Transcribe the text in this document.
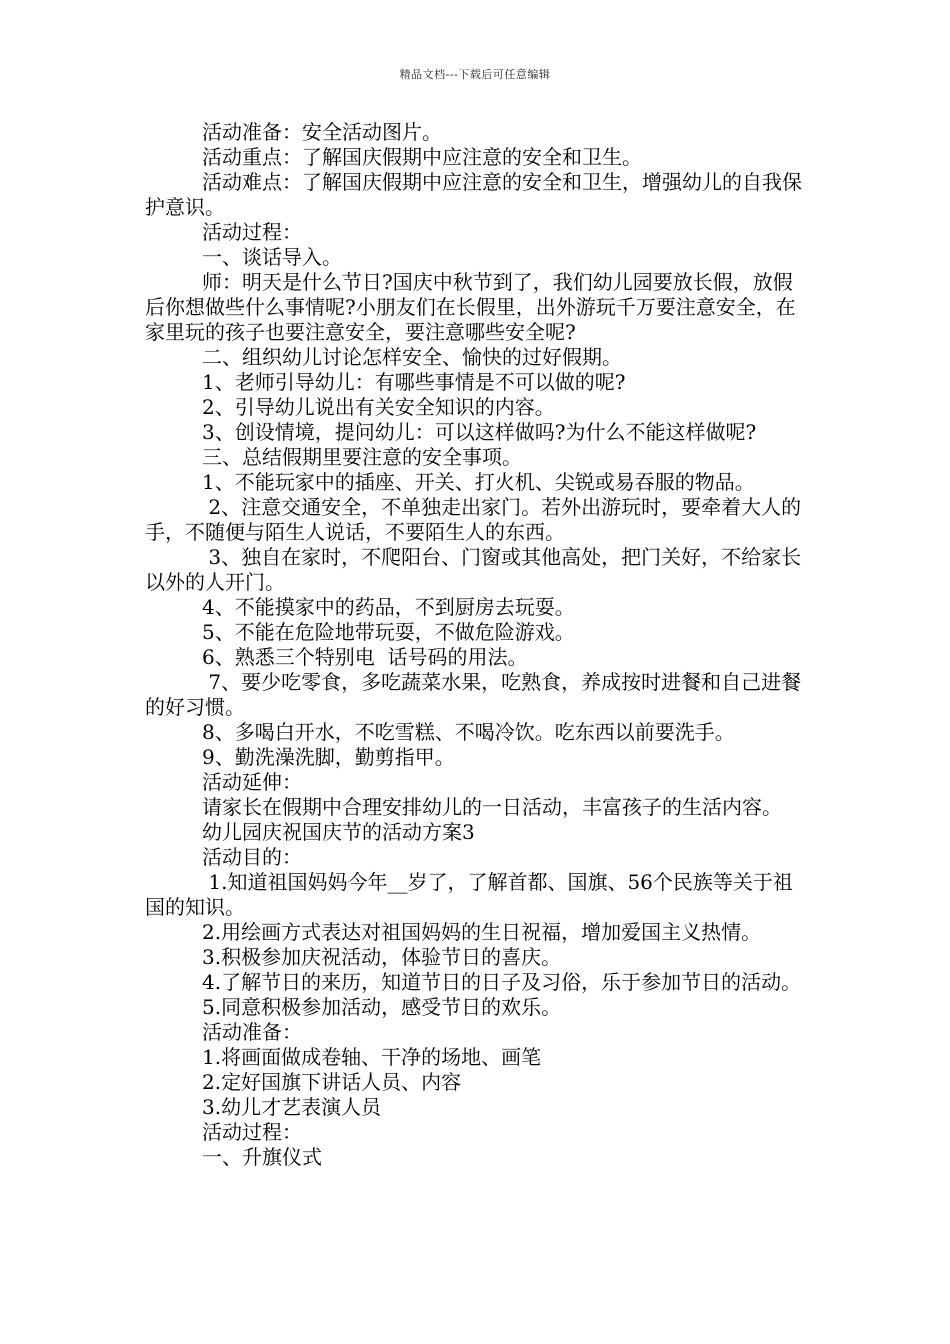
精品文档---下载后可任意编辑

活动准备：安全活动图片。

活动重点：了解国庆假期中应注意的安全和卫生。

活动难点：了解国庆假期中应注意的安全和卫生，增强幼儿的自我保护意识。

活动过程：

一、谈话导入。

师：明天是什么节日?国庆中秋节到了，我们幼儿园要放长假，放假后你想做些什么事情呢?小朋友们在长假里，出外游玩千万要注意安全，在家里玩的孩子也要注意安全，要注意哪些安全呢?

二、组织幼儿讨论怎样安全、愉快的过好假期。

1、老师引导幼儿：有哪些事情是不可以做的呢?

2、引导幼儿说出有关安全知识的内容。

3、创设情境，提问幼儿：可以这样做吗?为什么不能这样做呢?

三、总结假期里要注意的安全事项。

1、不能玩家中的插座、开关、打火机、尖锐或易吞服的物品。

2、注意交通安全，不单独走出家门。若外出游玩时，要牵着大人的手，不随便与陌生人说话，不要陌生人的东西。

3、独自在家时，不爬阳台、门窗或其他高处，把门关好，不给家长以外的人开门。

4、不能摸家中的药品，不到厨房去玩耍。

5、不能在危险地带玩耍，不做危险游戏。

6、熟悉三个特别电  话号码的用法。

7、要少吃零食，多吃蔬菜水果，吃熟食，养成按时进餐和自己进餐的好习惯。

8、多喝白开水，不吃雪糕、不喝冷饮。吃东西以前要洗手。

9、勤洗澡洗脚，勤剪指甲。

活动延伸：

请家长在假期中合理安排幼儿的一日活动，丰富孩子的生活内容。

幼儿园庆祝国庆节的活动方案3

活动目的：

1.知道祖国妈妈今年__岁了，了解首都、国旗、56个民族等关于祖国的知识。

2.用绘画方式表达对祖国妈妈的生日祝福，增加爱国主义热情。

3.积极参加庆祝活动，体验节日的喜庆。

4.了解节日的来历，知道节日的日子及习俗，乐于参加节日的活动。

5.同意积极参加活动，感受节日的欢乐。

活动准备：

1.将画面做成卷轴、干净的场地、画笔

2.定好国旗下讲话人员、内容

3.幼儿才艺表演人员

活动过程：

一、升旗仪式
